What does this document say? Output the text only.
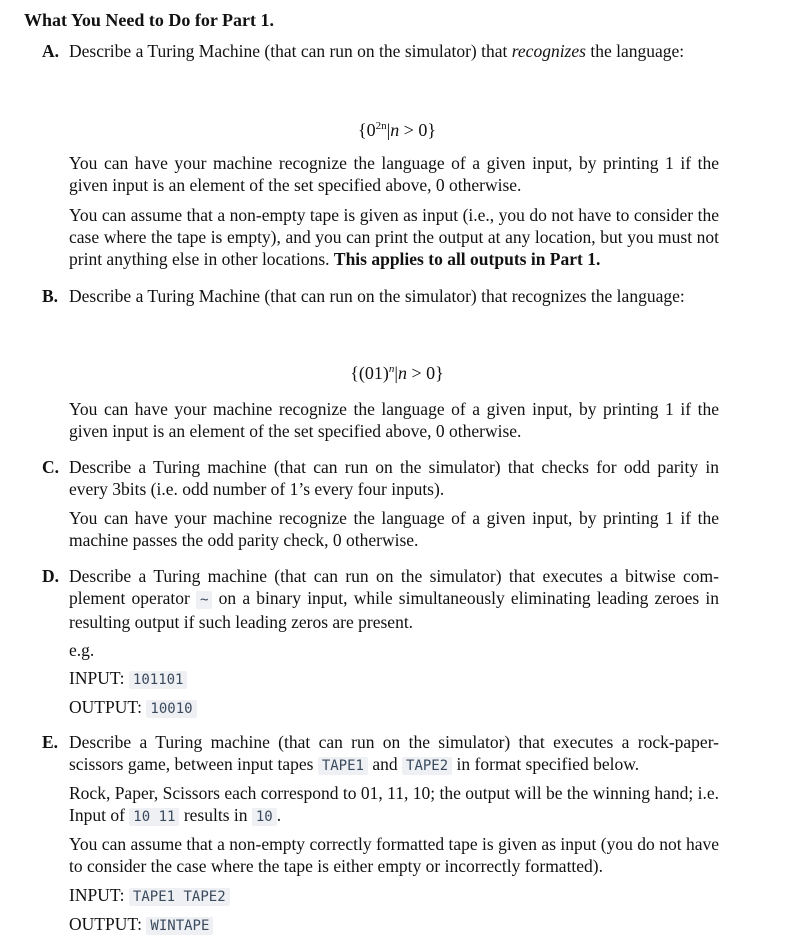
What You Need to Do for Part 1.
A. Describe a Turing Machine (that can run on the simulator) that recognizes the language:

$\{0^{2n}|n > 0\}$

You can have your machine recognize the language of a given input, by printing 1 if the given input is an element of the set specified above, 0 otherwise.

You can assume that a non-empty tape is given as input (i.e., you do not have to consider the case where the tape is empty), and you can print the output at any location, but you must not print anything else in other locations. This applies to all outputs in Part 1.

B. Describe a Turing Machine (that can run on the simulator) that recognizes the language:

$\{(01)^n|n > 0\}$

You can have your machine recognize the language of a given input, by printing 1 if the given input is an element of the set specified above, 0 otherwise.

C. Describe a Turing machine (that can run on the simulator) that checks for odd parity in every 3bits (i.e. odd number of 1’s every four inputs).

You can have your machine recognize the language of a given input, by printing 1 if the machine passes the odd parity check, 0 otherwise.

D. Describe a Turing machine (that can run on the simulator) that executes a bitwise com-plement operator ~ on a binary input, while simultaneously eliminating leading zeroes in resulting output if such leading zeros are present.

e.g.

INPUT: 101101

OUTPUT: 10010

E. Describe a Turing machine (that can run on the simulator) that executes a rock-paper-scissors game, between input tapes TAPE1 and TAPE2 in format specified below.

Rock, Paper, Scissors each correspond to 01, 11, 10; the output will be the winning hand; i.e. Input of 10 11 results in 10 .

You can assume that a non-empty correctly formatted tape is given as input (you do not have to consider the case where the tape is either empty or incorrectly formatted).

INPUT: TAPE1 TAPE2

OUTPUT: WINTAPE
